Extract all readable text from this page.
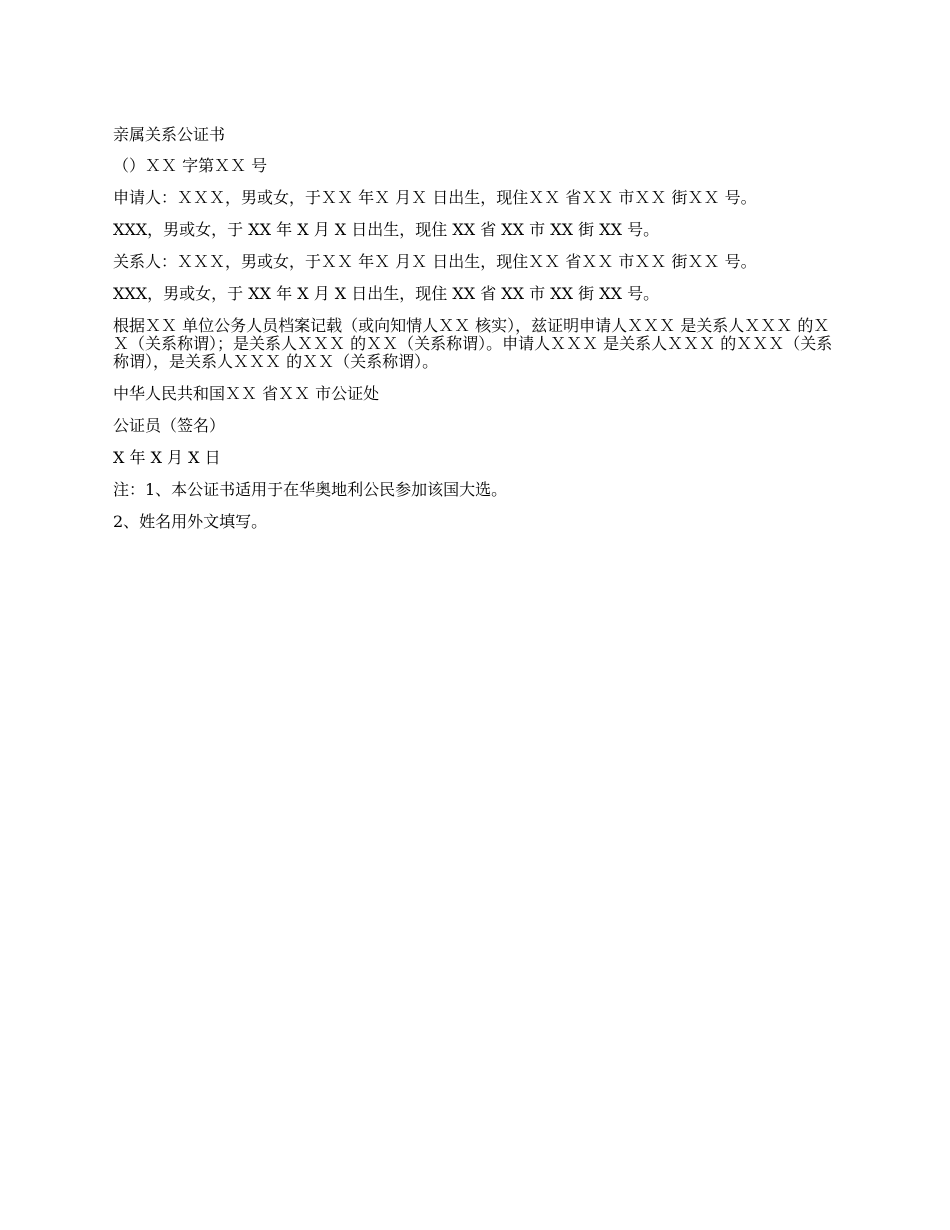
亲属关系公证书

（）ＸＸ 字第ＸＸ 号

申请人：ＸＸＸ，男或女，于ＸＸ 年Ｘ 月Ｘ 日出生，现住ＸＸ 省ＸＸ 市ＸＸ 街ＸＸ 号。

XXX，男或女，于 XX 年 X 月 X 日出生，现住 XX 省 XX 市 XX 街 XX 号。

关系人：ＸＸＸ，男或女，于ＸＸ 年Ｘ 月Ｘ 日出生，现住ＸＸ 省ＸＸ 市ＸＸ 街ＸＸ 号。

XXX，男或女，于 XX 年 X 月 X 日出生，现住 XX 省 XX 市 XX 街 XX 号。

根据ＸＸ 单位公务人员档案记载（或向知情人ＸＸ 核实），兹证明申请人ＸＸＸ 是关系人ＸＸＸ 的ＸＸ（关系称谓）；是关系人ＸＸＸ 的ＸＸ（关系称谓）。申请人ＸＸＸ 是关系人ＸＸＸ 的ＸＸＸ（关系称谓），是关系人ＸＸＸ 的ＸＸ（关系称谓）。

中华人民共和国ＸＸ 省ＸＸ 市公证处

公证员（签名）

X 年 X 月 X 日

注：1、本公证书适用于在华奥地利公民参加该国大选。

2、姓名用外文填写。
